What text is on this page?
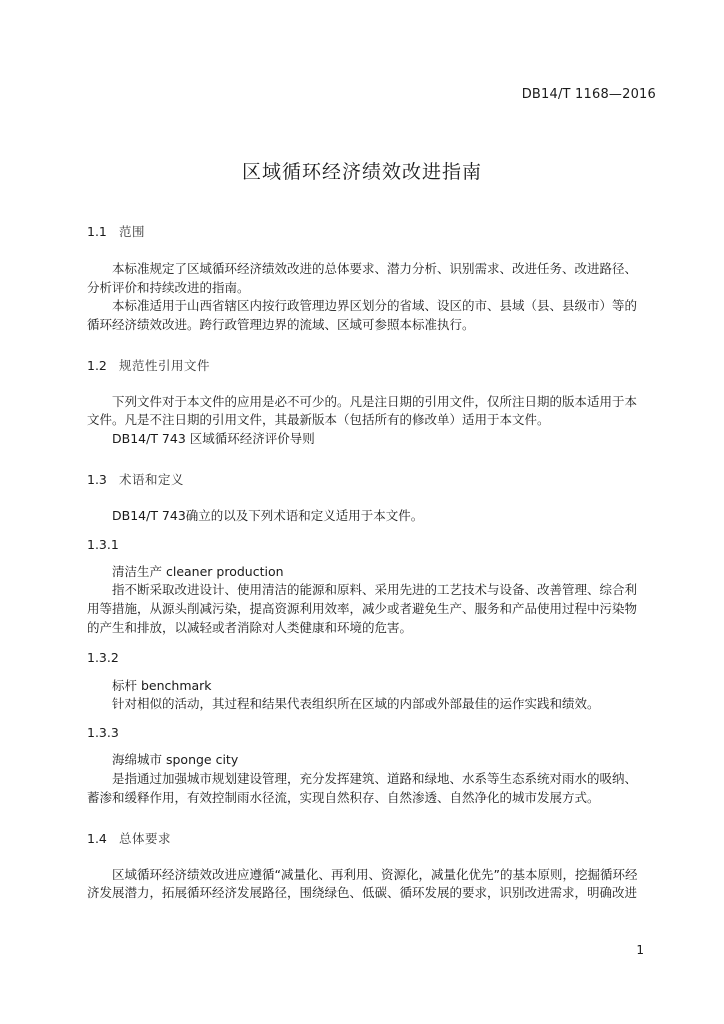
DB14/T 1168—2016
区域循环经济绩效改进指南
1.1 范围
本标准规定了区域循环经济绩效改进的总体要求、潜力分析、识别需求、改进任务、改进路径、
分析评价和持续改进的指南。
本标准适用于山西省辖区内按行政管理边界区划分的省域、设区的市、县域（县、县级市）等的
循环经济绩效改进。跨行政管理边界的流域、区域可参照本标准执行。
1.2 规范性引用文件
下列文件对于本文件的应用是必不可少的。凡是注日期的引用文件，仅所注日期的版本适用于本
文件。凡是不注日期的引用文件，其最新版本（包括所有的修改单）适用于本文件。
DB14/T 743 区域循环经济评价导则
1.3 术语和定义
DB14/T 743确立的以及下列术语和定义适用于本文件。
1.3.1
清洁生产 cleaner production
指不断采取改进设计、使用清洁的能源和原料、采用先进的工艺技术与设备、改善管理、综合利
用等措施，从源头削减污染，提高资源利用效率，减少或者避免生产、服务和产品使用过程中污染物
的产生和排放，以减轻或者消除对人类健康和环境的危害。
1.3.2
标杆 benchmark
针对相似的活动，其过程和结果代表组织所在区域的内部或外部最佳的运作实践和绩效。
1.3.3
海绵城市 sponge city
是指通过加强城市规划建设管理，充分发挥建筑、道路和绿地、水系等生态系统对雨水的吸纳、
蓄渗和缓释作用，有效控制雨水径流，实现自然积存、自然渗透、自然净化的城市发展方式。
1.4 总体要求
区域循环经济绩效改进应遵循“减量化、再利用、资源化，减量化优先”的基本原则，挖掘循环经
济发展潜力，拓展循环经济发展路径，围绕绿色、低碳、循环发展的要求，识别改进需求，明确改进
1
